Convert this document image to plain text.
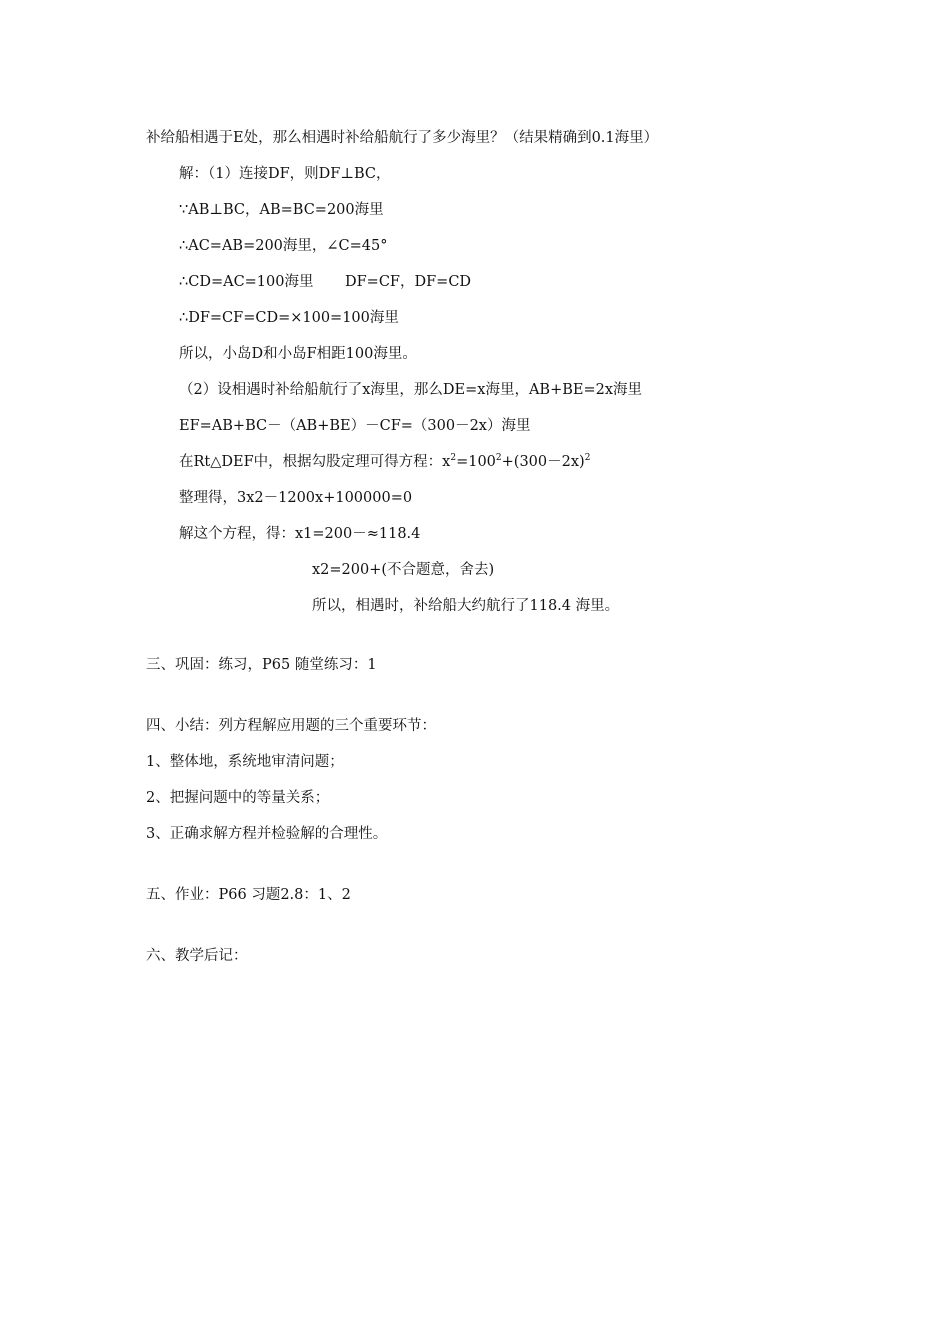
补给船相遇于E处，那么相遇时补给船航行了多少海里？（结果精确到0.1海里）
解：（1）连接DF，则DF⊥BC，
∵AB⊥BC，AB=BC=200海里
∴AC=AB=200海里，∠C=45°
∴CD=AC=100海里 DF=CF，DF=CD
∴DF=CF=CD=×100=100海里
所以，小岛D和小岛F相距100海里。
（2）设相遇时补给船航行了x海里，那么DE=x海里，AB+BE=2x海里
EF=AB+BC－（AB+BE）－CF=（300－2x）海里
在Rt△DEF中，根据勾股定理可得方程：$x^2=100^2+(300-2x)^2$
整理得，3x2－1200x+100000=0
解这个方程，得：x1=200－≈118.4
x2=200+(不合题意，舍去)
所以，相遇时，补给船大约航行了118.4 海里。
三、巩固：练习，P65 随堂练习：1
四、小结：列方程解应用题的三个重要环节：
1、整体地，系统地审清问题；
2、把握问题中的等量关系；
3、正确求解方程并检验解的合理性。
五、作业：P66 习题2.8：1、2
六、教学后记：
